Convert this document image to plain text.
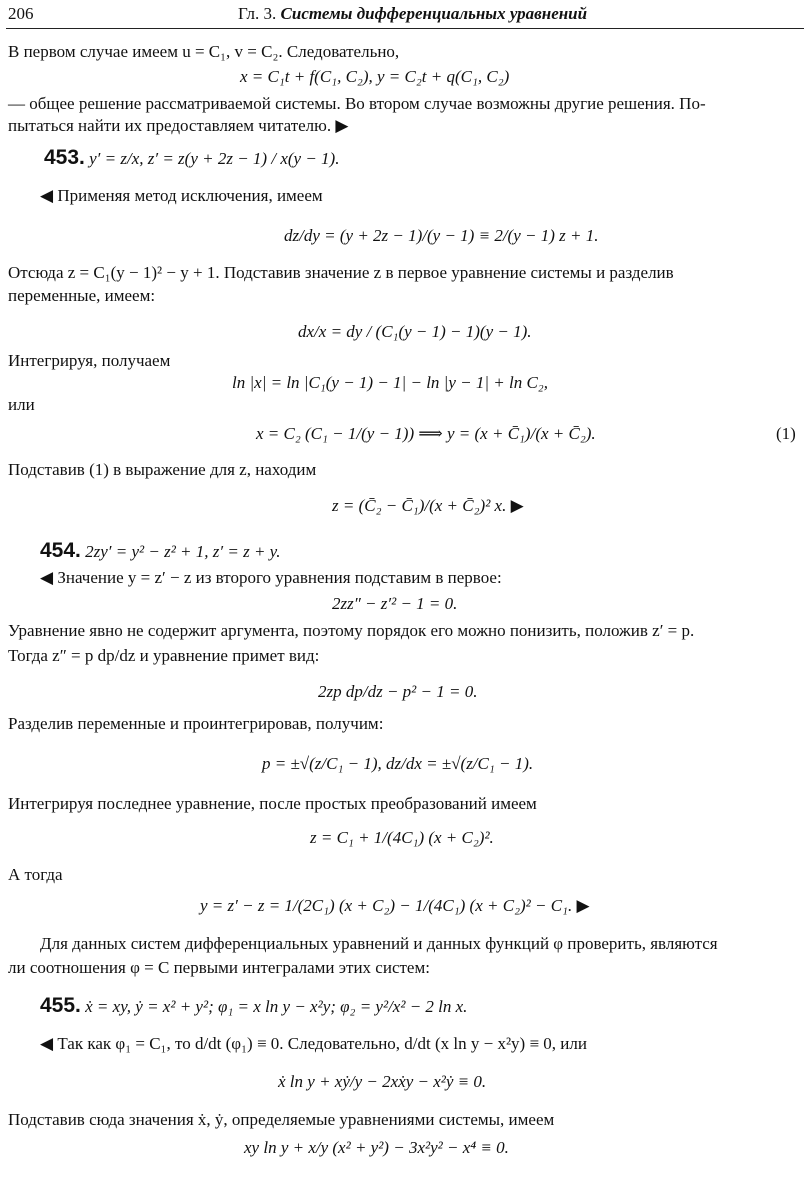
206	Гл. 3. Системы дифференциальных уравнений
В первом случае имеем u = C₁, v = C₂. Следовательно,
x = C₁t + f(C₁, C₂), y = C₂t + q(C₁, C₂)
— общее решение рассматриваемой системы. Во втором случае возможны другие решения. По-
пытаться найти их предоставляем читателю. ▶
453. y′ = z/x, z′ = z(y + 2z − 1) / x(y − 1).
◀ Применяя метод исключения, имеем
dz/dy = (y + 2z − 1)/(y − 1) ≡ 2/(y − 1) z + 1.
Отсюда z = C₁(y − 1)² − y + 1. Подставив значение z в первое уравнение системы и разделив
переменные, имеем:
dx/x = dy / (C₁(y − 1) − 1)(y − 1).
Интегрируя, получаем
ln |x| = ln |C₁(y − 1) − 1| − ln |y − 1| + ln C₂,
или
x = C₂ (C₁ − 1/(y − 1)) ⟹ y = (x + C̄₁)/(x + C̄₂).	(1)
Подставив (1) в выражение для z, находим
z = (C̄₂ − C̄₁)/(x + C̄₂)² x. ▶
454. 2zy′ = y² − z² + 1, z′ = z + y.
◀ Значение y = z′ − z из второго уравнения подставим в первое:
2zz″ − z′² − 1 = 0.
Уравнение явно не содержит аргумента, поэтому порядок его можно понизить, положив z′ = p.
Тогда z″ = p dp/dz и уравнение примет вид:
2zp dp/dz − p² − 1 = 0.
Разделив переменные и проинтегрировав, получим:
p = ±√(z/C₁ − 1), dz/dx = ±√(z/C₁ − 1).
Интегрируя последнее уравнение, после простых преобразований имеем
z = C₁ + 1/(4C₁) (x + C₂)².
А тогда
y = z′ − z = 1/(2C₁) (x + C₂) − 1/(4C₁) (x + C₂)² − C₁. ▶
Для данных систем дифференциальных уравнений и данных функций φ проверить, являются
ли соотношения φ = C первыми интегралами этих систем:
455. ẋ = xy, ẏ = x² + y²; φ₁ = x ln y − x²y; φ₂ = y²/x² − 2 ln x.
◀ Так как φ₁ = C₁, то d/dt (φ₁) ≡ 0. Следовательно, d/dt (x ln y − x²y) ≡ 0, или
ẋ ln y + xẏ/y − 2xẋy − x²ẏ ≡ 0.
Подставив сюда значения ẋ, ẏ, определяемые уравнениями системы, имеем
xy ln y + x/y (x² + y²) − 3x²y² − x⁴ ≡ 0.
